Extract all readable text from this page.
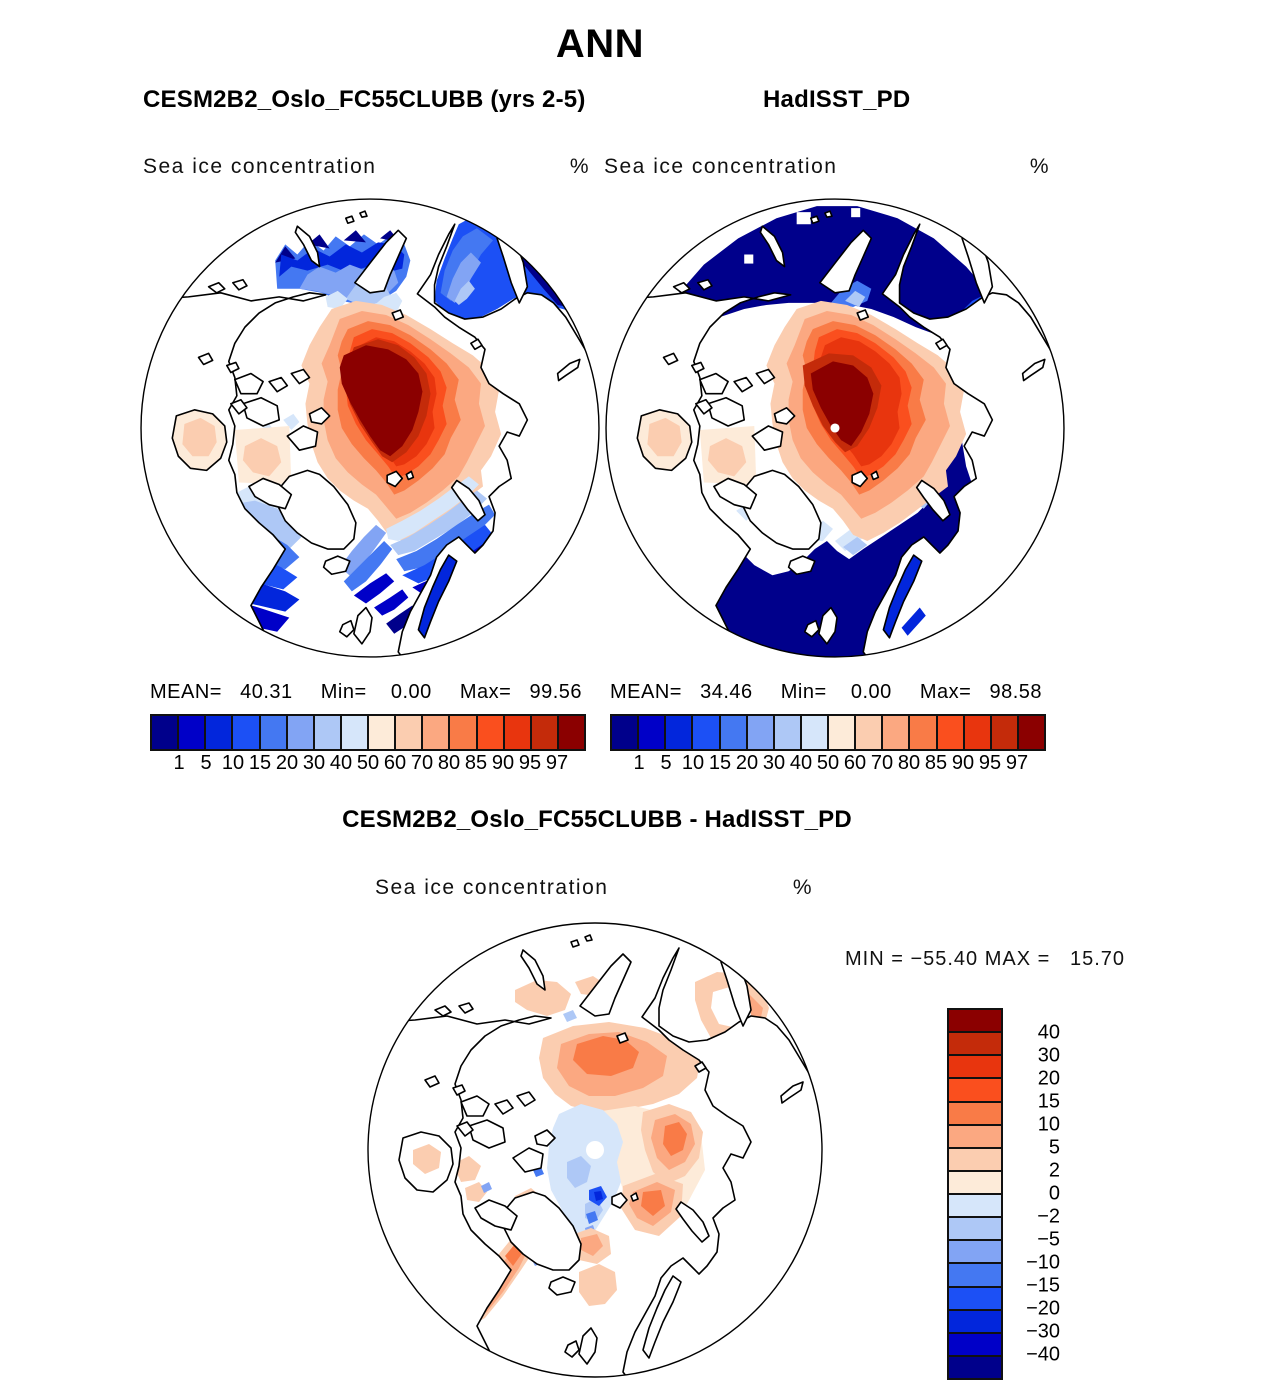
ANN
CESM2B2_Oslo_FC55CLUBB (yrs 2-5)	HadISST_PD
Sea ice concentration	% Sea ice concentration	%
MEAN=   40.31 Min=    0.00 Max=   99.56 MEAN=   34.46 Min=    0.00 Max=   98.58
1 5 10 15 20 30 40 50 60 70 80 85 90 95 97	1 5 10 15 20 30 40 50 60 70 80 85 90 95 97
CESM2B2_Oslo_FC55CLUBB - HadISST_PD
Sea ice concentration	%
MIN = −55.40 MAX =   15.70
40
30
20
15
10
5
2
0
−2
−5
−10
−15
−20
−30
−40
